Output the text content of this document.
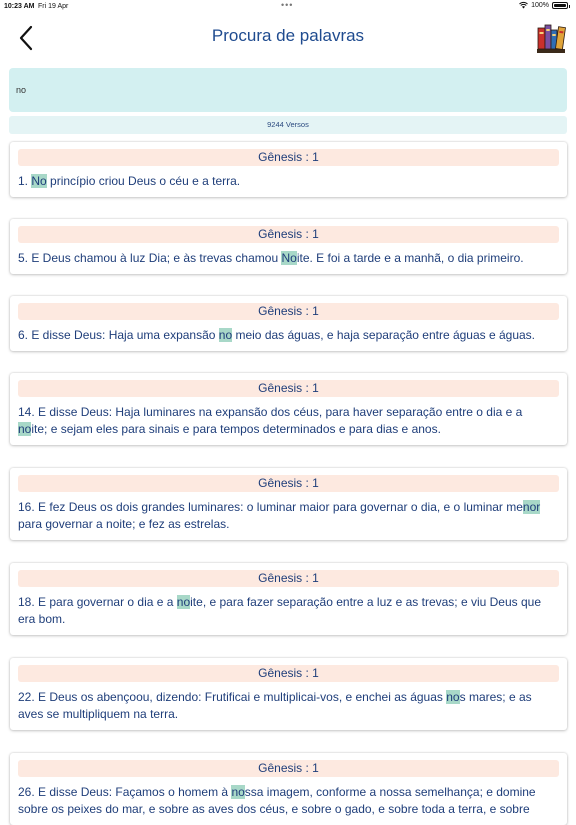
10:23 AM Fri 19 Apr	•••	100%
Procura de palavras
no
9244 Versos
Gênesis : 1
1. No princípio criou Deus o céu e a terra.
Gênesis : 1
5. E Deus chamou à luz Dia; e às trevas chamou Noite. E foi a tarde e a manhã, o dia primeiro.
Gênesis : 1
6. E disse Deus: Haja uma expansão no meio das águas, e haja separação entre águas e águas.
Gênesis : 1
14. E disse Deus: Haja luminares na expansão dos céus, para haver separação entre o dia e a
noite; e sejam eles para sinais e para tempos determinados e para dias e anos.
Gênesis : 1
16. E fez Deus os dois grandes luminares: o luminar maior para governar o dia, e o luminar menor
para governar a noite; e fez as estrelas.
Gênesis : 1
18. E para governar o dia e a noite, e para fazer separação entre a luz e as trevas; e viu Deus que
era bom.
Gênesis : 1
22. E Deus os abençoou, dizendo: Frutificai e multiplicai-vos, e enchei as águas nos mares; e as
aves se multipliquem na terra.
Gênesis : 1
26. E disse Deus: Façamos o homem à nossa imagem, conforme a nossa semelhança; e domine
sobre os peixes do mar, e sobre as aves dos céus, e sobre o gado, e sobre toda a terra, e sobre
